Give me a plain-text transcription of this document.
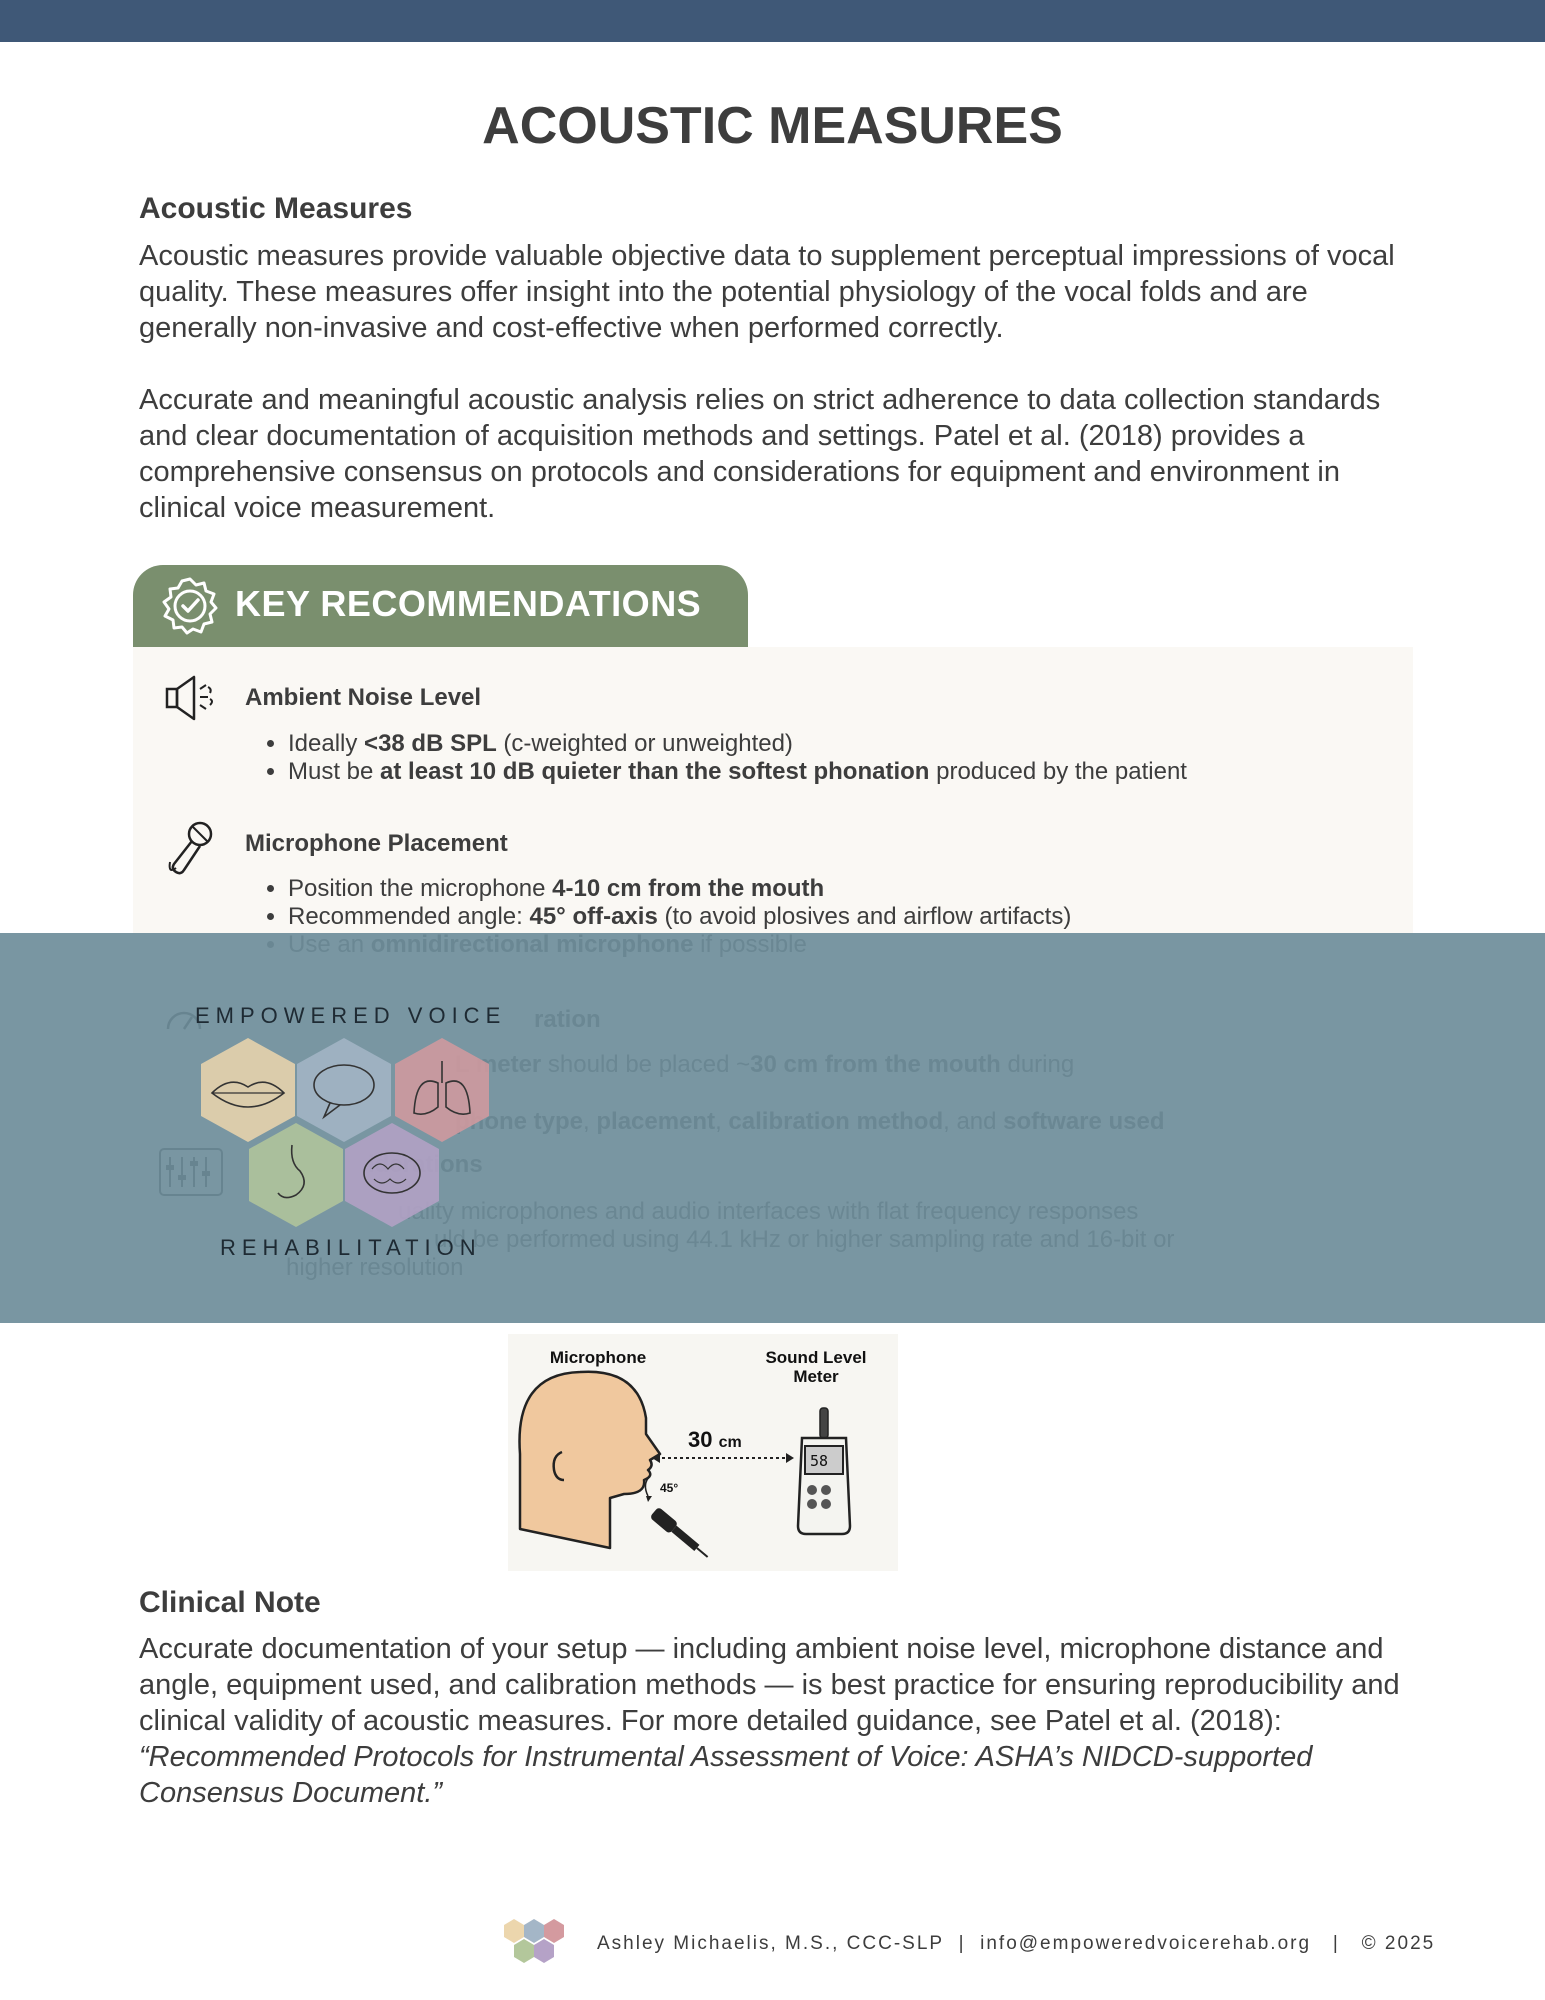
ACOUSTIC MEASURES
Acoustic Measures

Acoustic measures provide valuable objective data to supplement perceptual impressions of vocal quality. These measures offer insight into the potential physiology of the vocal folds and are generally non-invasive and cost-effective when performed correctly.

Accurate and meaningful acoustic analysis relies on strict adherence to data collection standards and clear documentation of acquisition methods and settings. Patel et al. (2018) provides a comprehensive consensus on protocols and considerations for equipment and environment in clinical voice measurement.

KEY RECOMMENDATIONS
Ambient Noise Level
• Ideally <38 dB SPL (c-weighted or unweighted)
• Must be at least 10 dB quieter than the softest phonation produced by the patient
Microphone Placement
• Position the microphone 4-10 cm from the mouth
• Recommended angle: 45° off-axis (to avoid plosives and airflow artifacts)
•
EMPOWERED VOICE
REHABILITATION
Microphone	Sound Level
Meter
58
30 cm
45°
Clinical Note

Accurate documentation of your setup — including ambient noise level, microphone distance and angle, equipment used, and calibration methods — is best practice for ensuring reproducibility and clinical validity of acoustic measures. For more detailed guidance, see Patel et al. (2018): “Recommended Protocols for Instrumental Assessment of Voice: ASHA’s NIDCD-supported Consensus Document.”

Ashley Michaelis, M.S., CCC-SLP | info@empoweredvoicerehab.org | © 2025
